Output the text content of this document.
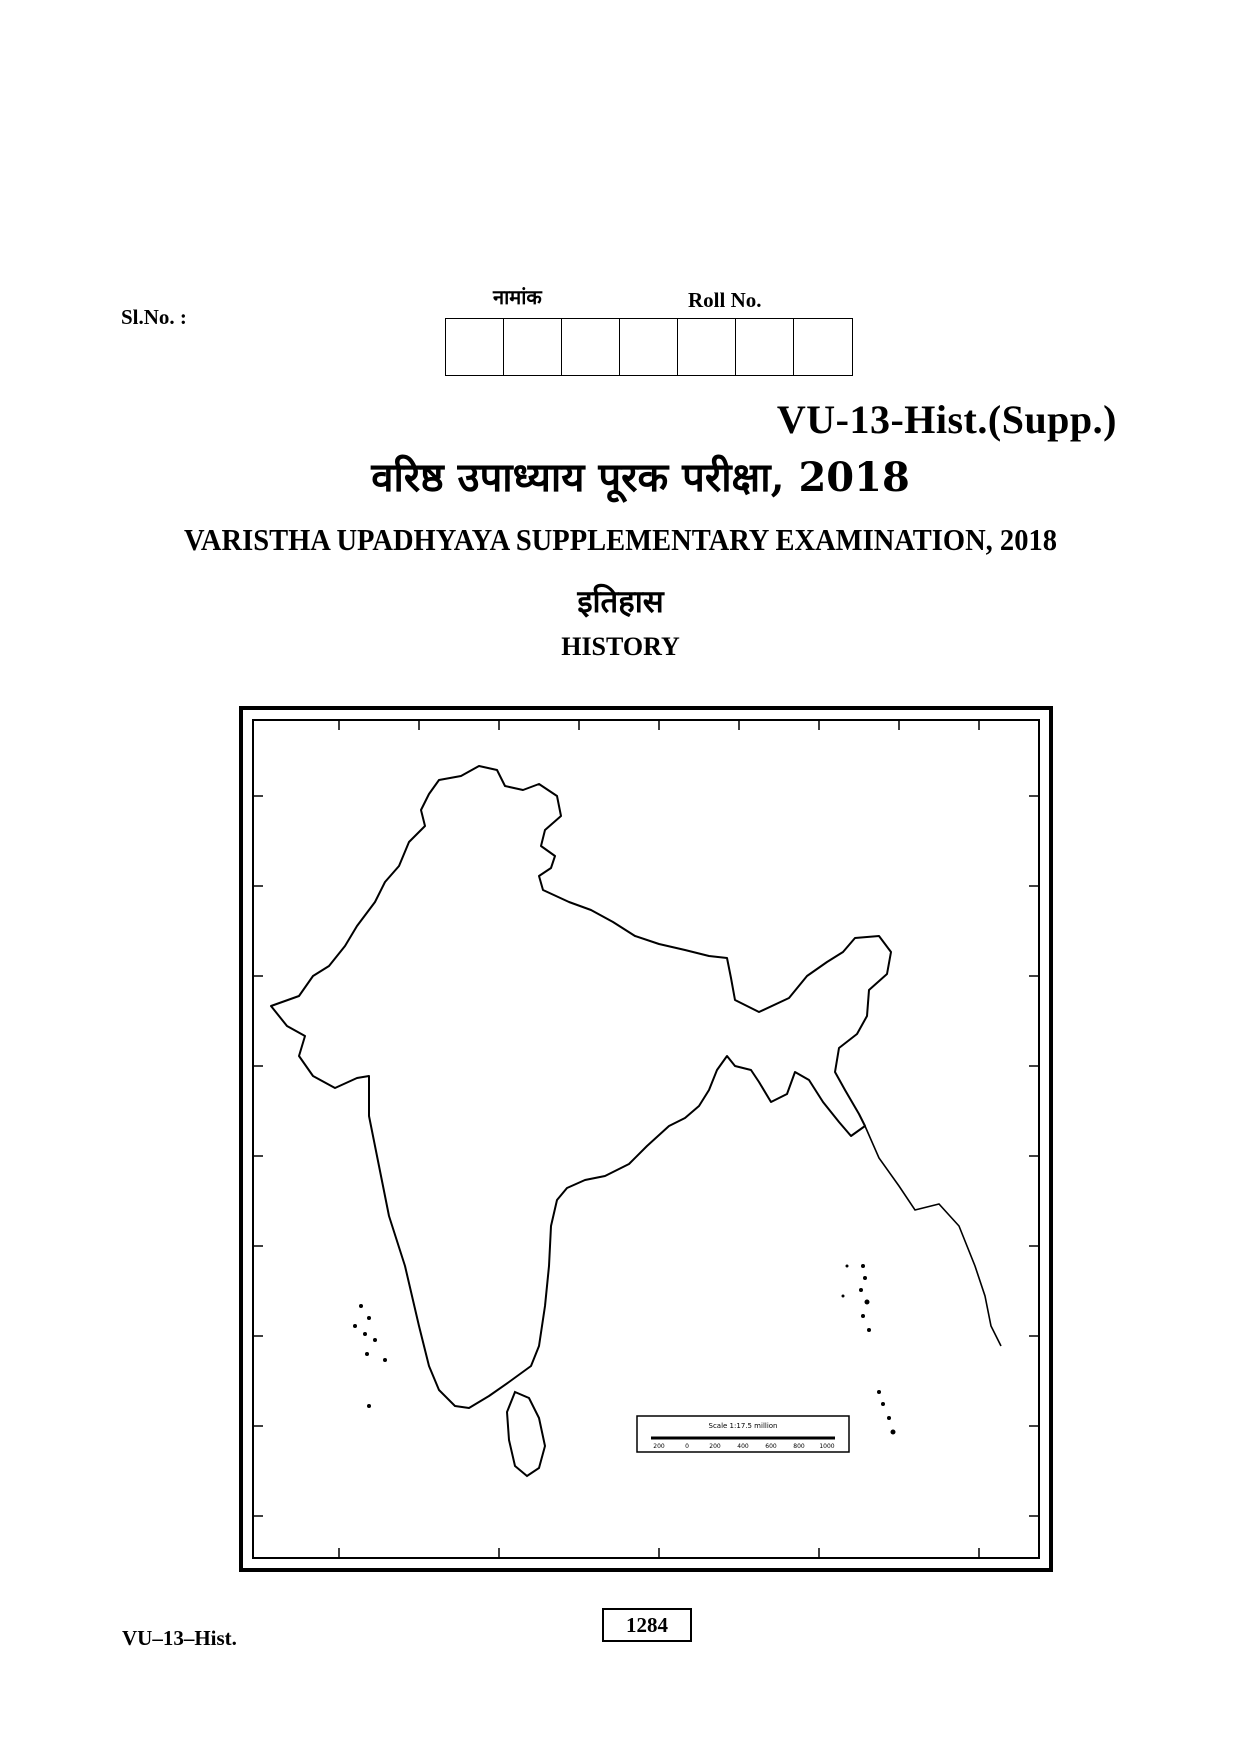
Sl.No. :
नामांक	Roll No.
VU-13-Hist.(Supp.)
वरिष्ठ उपाध्याय पूरक परीक्षा, 2018
VARISTHA UPADHYAYA SUPPLEMENTARY EXAMINATION, 2018
इतिहास
HISTORY
Scale 1:17.5 million
200	0	200	400	600	800 1000
VU–13–Hist.
1284
